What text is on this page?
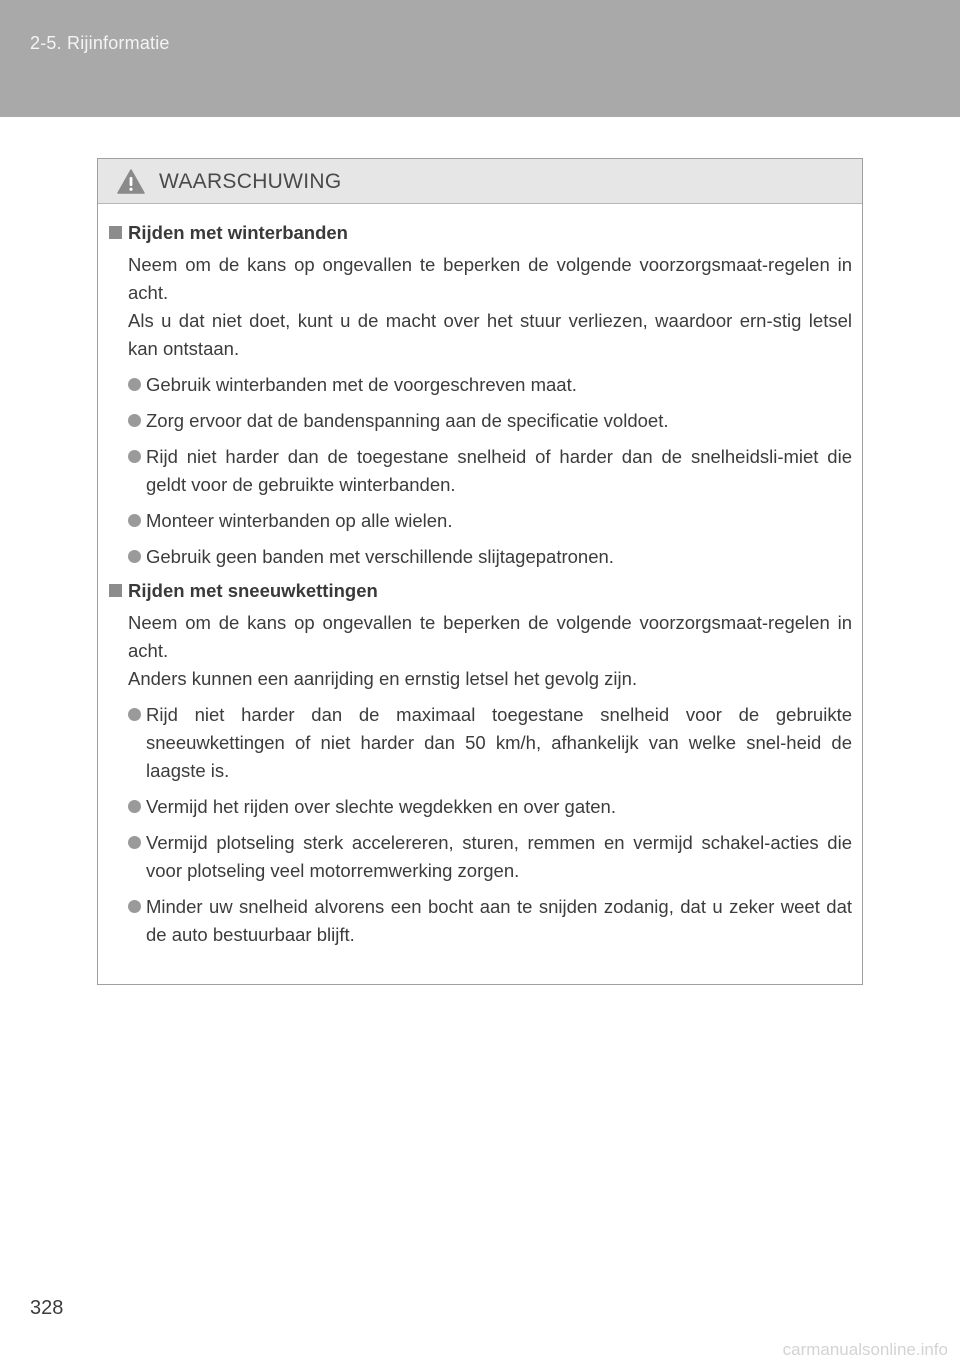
2-5. Rijinformatie
WAARSCHUWING
Rijden met winterbanden
Neem om de kans op ongevallen te beperken de volgende voorzorgsmaat-regelen in acht.
Als u dat niet doet, kunt u de macht over het stuur verliezen, waardoor ern-stig letsel kan ontstaan.
Gebruik winterbanden met de voorgeschreven maat.
Zorg ervoor dat de bandenspanning aan de specificatie voldoet.
Rijd niet harder dan de toegestane snelheid of harder dan de snelheidsli-miet die geldt voor de gebruikte winterbanden.
Monteer winterbanden op alle wielen.
Gebruik geen banden met verschillende slijtagepatronen.
Rijden met sneeuwkettingen
Neem om de kans op ongevallen te beperken de volgende voorzorgsmaat-regelen in acht.
Anders kunnen een aanrijding en ernstig letsel het gevolg zijn.
Rijd niet harder dan de maximaal toegestane snelheid voor de gebruikte sneeuwkettingen of niet harder dan 50 km/h, afhankelijk van welke snel-heid de laagste is.
Vermijd het rijden over slechte wegdekken en over gaten.
Vermijd plotseling sterk accelereren, sturen, remmen en vermijd schakel-acties die voor plotseling veel motorremwerking zorgen.
Minder uw snelheid alvorens een bocht aan te snijden zodanig, dat u zeker weet dat de auto bestuurbaar blijft.
328
carmanualsonline.info
